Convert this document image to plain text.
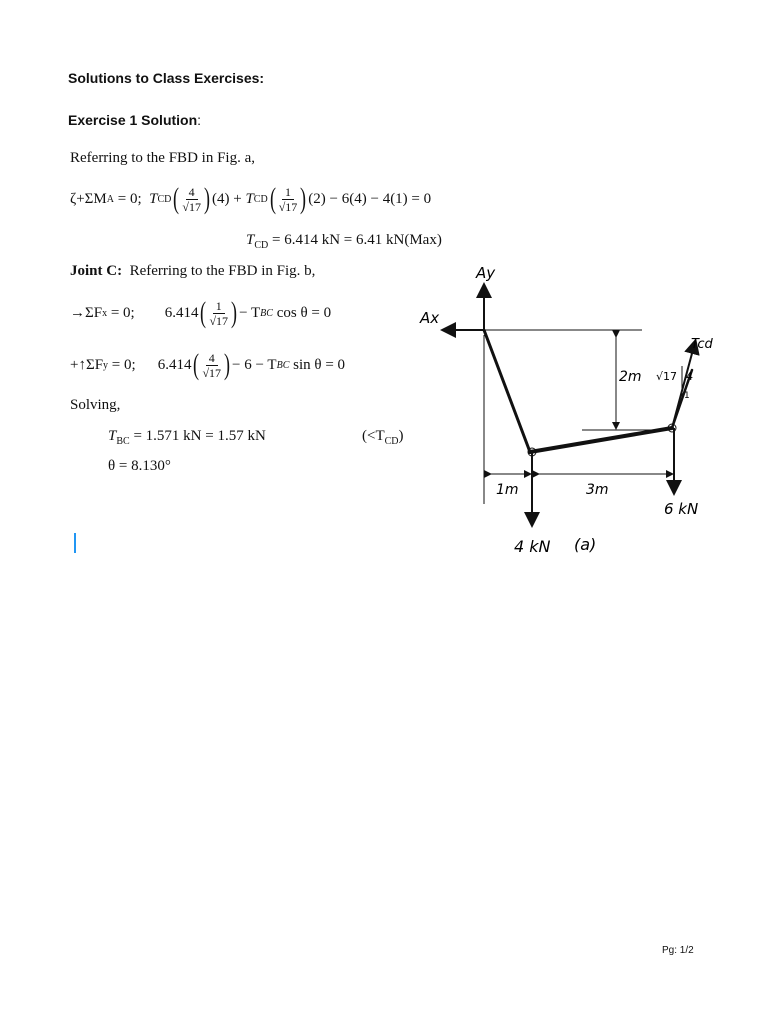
Solutions to Class Exercises:
Exercise 1 Solution:
Referring to the FBD in Fig. a,
ζ+ΣM A
= 0;
T CD ( $\frac{4}{√17}$ ) (4)
+
T CD ( $\frac{1}{√17}$ ) (2)
− 6(4) − 4(1) = 0
$T_{CD} = 6.414$ kN = 6.41 kN(Max)
Joint C: Referring to the FBD in Fig. b,
→ΣF x
= 0; 6.414 ( $\frac{1}{√17}$ ) − T BC
cos θ = 0
+↑ΣF y
= 0; 6.414 ( $\frac{4}{√17}$ ) − 6 − T BC
sin θ = 0
Solving,
$T_{BC} = 1.571$ kN = 1.57 kN	$(<T_{CD})$
θ = 8.130°
Ay
Ax
Tcd
2m √17 4
1
1m	3m
6 kN
4 kN (a)
Pg: 1/2
